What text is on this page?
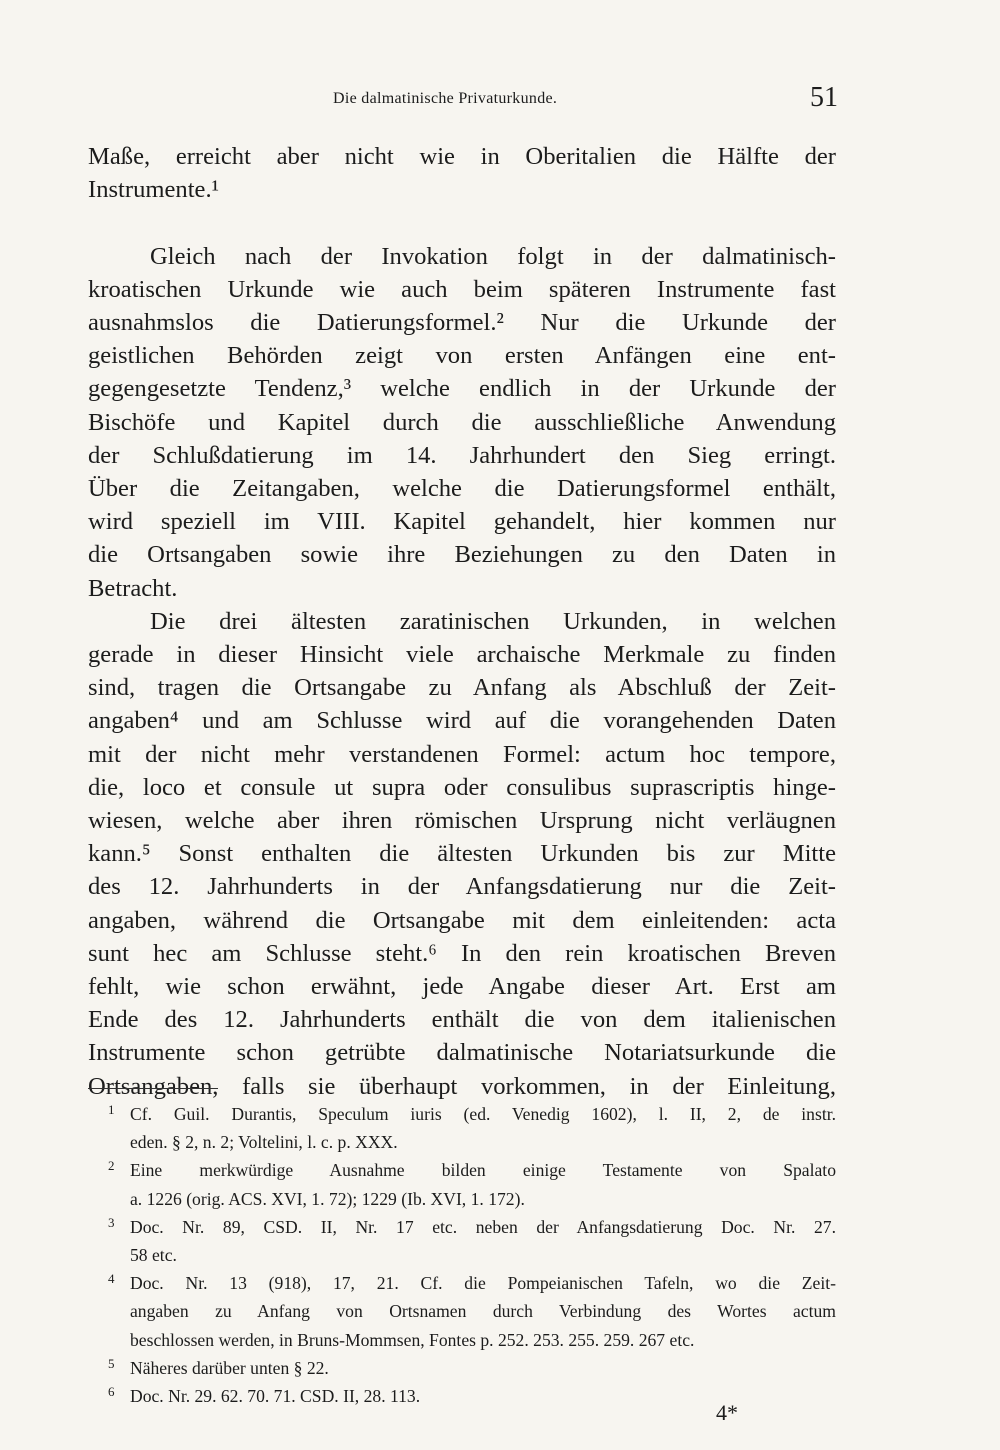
Die dalmatinische Privaturkunde.	51
Maße, erreicht aber nicht wie in Oberitalien die Hälfte der
Instrumente.¹

Gleich nach der Invokation folgt in der dalmatinisch-
kroatischen Urkunde wie auch beim späteren Instrumente fast
ausnahmslos die Datierungsformel.² Nur die Urkunde der
geistlichen Behörden zeigt von ersten Anfängen eine ent-
gegengesetzte Tendenz,³ welche endlich in der Urkunde der
Bischöfe und Kapitel durch die ausschließliche Anwendung
der Schlußdatierung im 14. Jahrhundert den Sieg erringt.
Über die Zeitangaben, welche die Datierungsformel enthält,
wird speziell im VIII. Kapitel gehandelt, hier kommen nur
die Ortsangaben sowie ihre Beziehungen zu den Daten in
Betracht.
Die drei ältesten zaratinischen Urkunden, in welchen
gerade in dieser Hinsicht viele archaische Merkmale zu finden
sind, tragen die Ortsangabe zu Anfang als Abschluß der Zeit-
angaben⁴ und am Schlusse wird auf die vorangehenden Daten
mit der nicht mehr verstandenen Formel: actum hoc tempore,
die, loco et consule ut supra oder consulibus suprascriptis hinge-
wiesen, welche aber ihren römischen Ursprung nicht verläugnen
kann.⁵ Sonst enthalten die ältesten Urkunden bis zur Mitte
des 12. Jahrhunderts in der Anfangsdatierung nur die Zeit-
angaben, während die Ortsangabe mit dem einleitenden: acta
sunt hec am Schlusse steht.⁶ In den rein kroatischen Breven
fehlt, wie schon erwähnt, jede Angabe dieser Art. Erst am
Ende des 12. Jahrhunderts enthält die von dem italienischen
Instrumente schon getrübte dalmatinische Notariatsurkunde die
Ortsangaben, falls sie überhaupt vorkommen, in der Einleitung,
1 Cf. Guil. Durantis, Speculum iuris (ed. Venedig 1602), l. II, 2, de instr.
eden. § 2, n. 2; Voltelini, l. c. p. XXX.
2 Eine merkwürdige Ausnahme bilden einige Testamente von Spalato
a. 1226 (orig. ACS. XVI, 1. 72); 1229 (Ib. XVI, 1. 172).
3 Doc. Nr. 89, CSD. II, Nr. 17 etc. neben der Anfangsdatierung Doc. Nr. 27.
58 etc.
4 Doc. Nr. 13 (918), 17, 21. Cf. die Pompeianischen Tafeln, wo die Zeit-
angaben zu Anfang von Ortsnamen durch Verbindung des Wortes actum
beschlossen werden, in Bruns-Mommsen, Fontes p. 252. 253. 255. 259. 267 etc.
5 Näheres darüber unten § 22.
6 Doc. Nr. 29. 62. 70. 71. CSD. II, 28. 113.
4*
